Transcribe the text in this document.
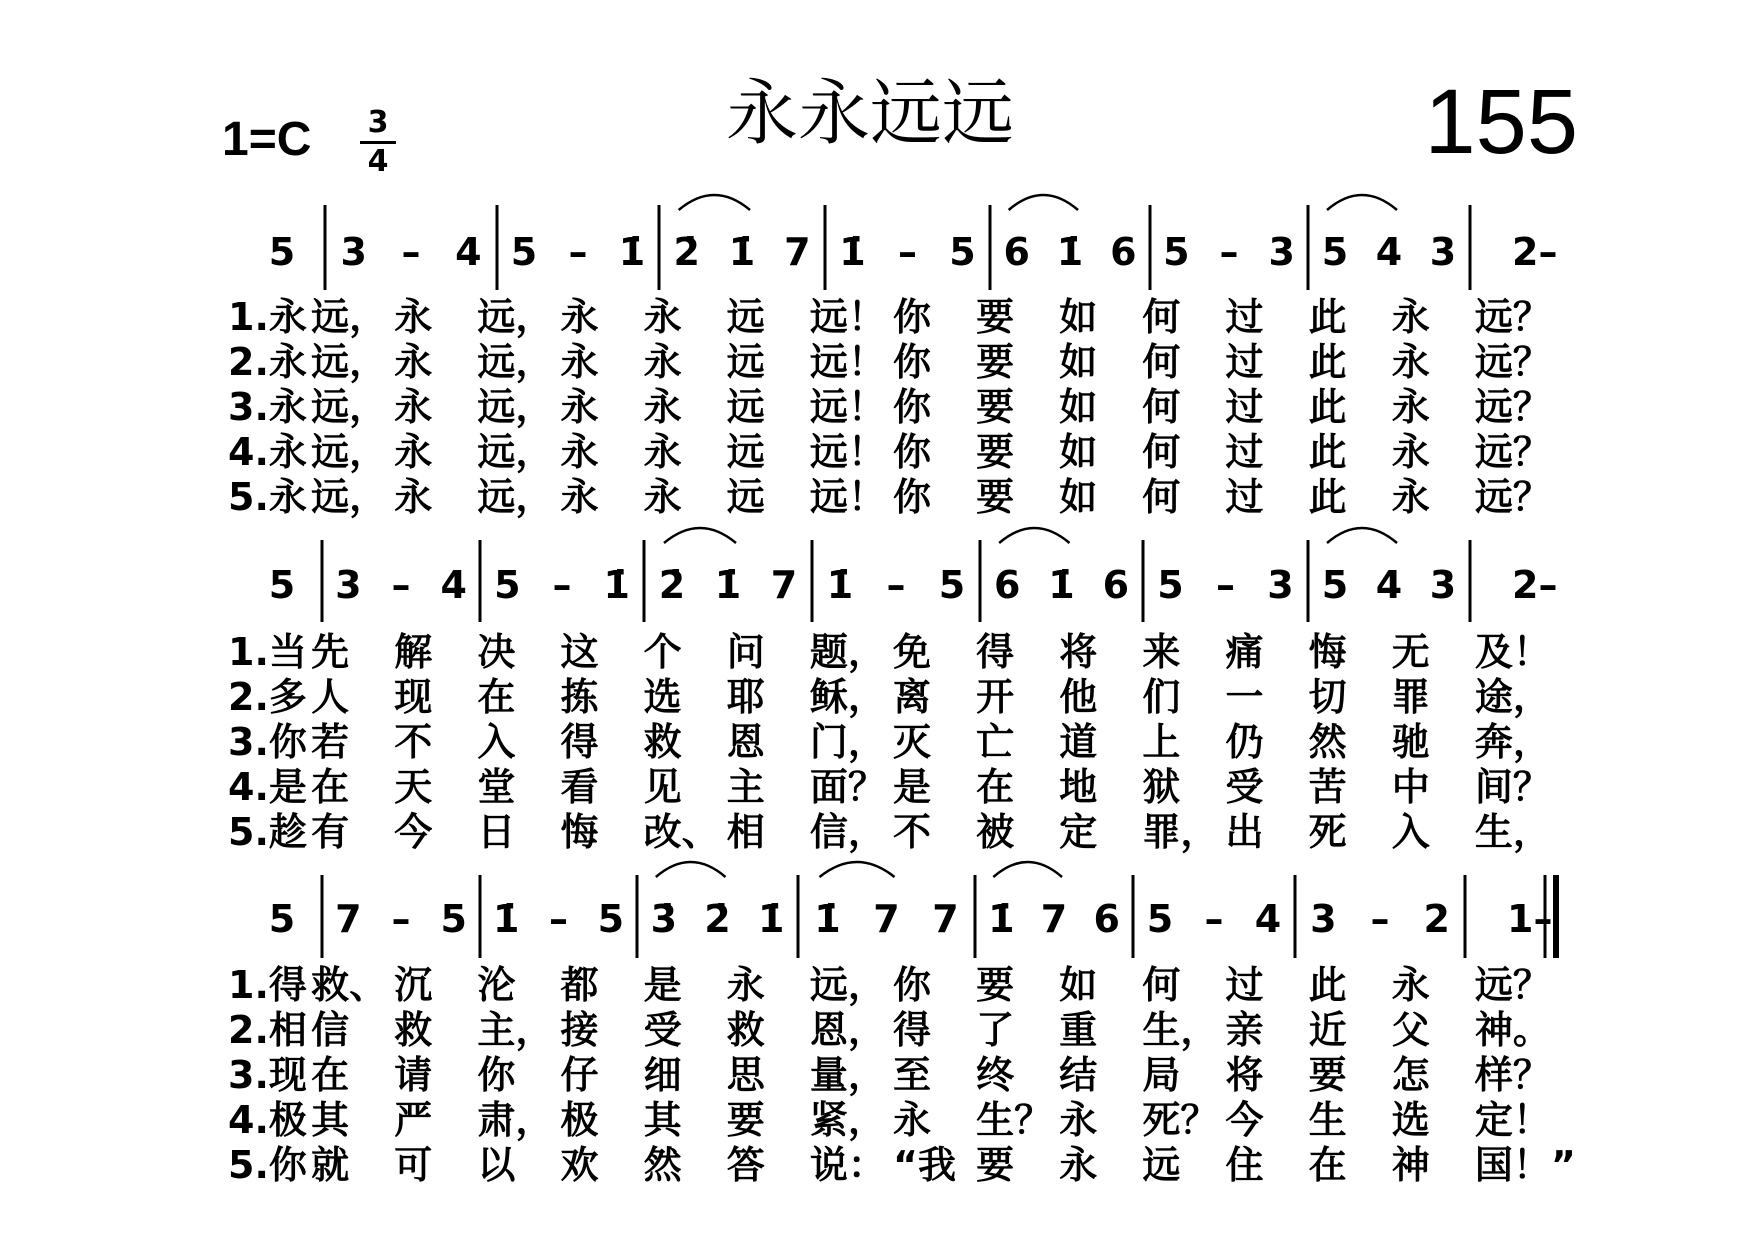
永永远远	155
1=C 3
4
5 3 – 4 5 – 1̇ 2̇ 1̇ 7 1̇ – 5 6 1̇ 6 5 – 3 5 4 3 2–
1.永 远， 永 远， 永 永 远 远！ 你 要 如 何 过 此 永 远？
2.永 远， 永 远， 永 永 远 远！ 你 要 如 何 过 此 永 远？
3.永 远， 永 远， 永 永 远 远！ 你 要 如 何 过 此 永 远？
4.永 远， 永 远， 永 永 远 远！ 你 要 如 何 过 此 永 远？
5.永 远， 永 远， 永 永 远 远！ 你 要 如 何 过 此 永 远？
5 3 – 4 5 – 1̇ 2̇ 1̇ 7 1̇ – 5 6 1̇ 6 5 – 3 5 4 3 2–
1.当 先 解 决 这 个 问 题， 免 得 将 来 痛 悔 无 及！
2.多 人 现 在 拣 选 耶 稣， 离 开 他 们 一 切 罪 途，
3.你 若 不 入 得 救 恩 门， 灭 亡 道 上 仍 然 驰 奔，
4.是 在 天 堂 看 见 主 面？ 是 在 地 狱 受 苦 中 间？
5.趁 有 今 日 悔 改、 相 信， 不 被 定 罪， 出 死 入 生，
5 7 – 5 1̇ – 5 3̇ 2̇ 1̇ 1̇ 7 7 1̇ 7 6 5 – 4 3 – 2 1–
1.得 救、 沉 沦 都 是 永 远， 你 要 如 何 过 此 永 远？
2.相 信 救 主， 接 受 救 恩， 得 了 重 生， 亲 近 父 神。
3.现 在 请 你 仔 细 思 量， 至 终 结 局 将 要 怎 样？
4.极 其 严 肃， 极 其 要 紧， 永 生？ 永 死？ 今 生 选 定！
5.你 就 可 以 欢 然 答 说： “我 要 永 远 住 在 神 国！”
